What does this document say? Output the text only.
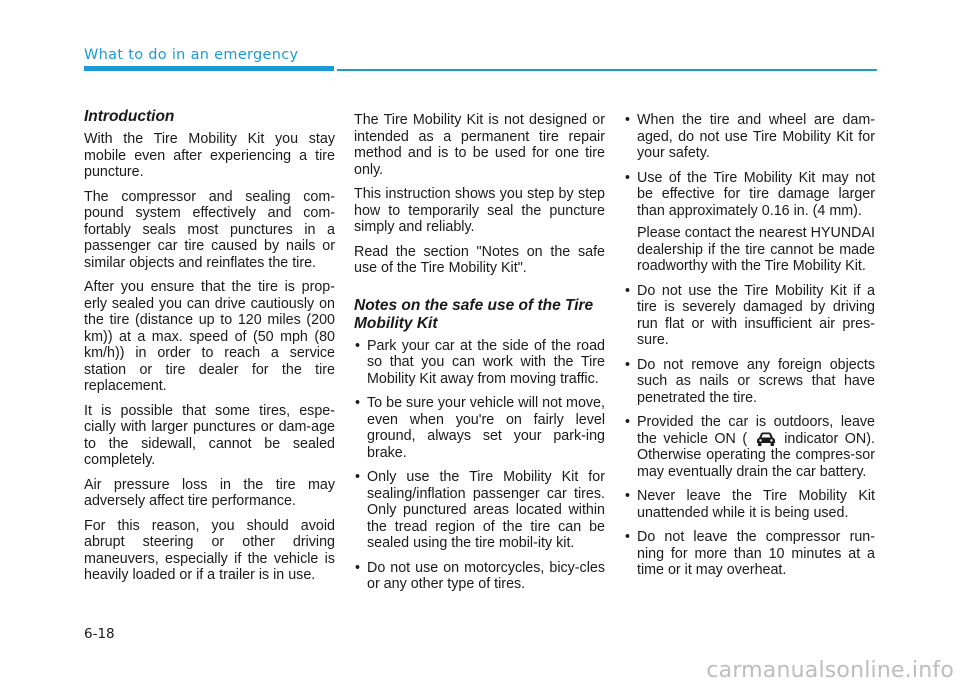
What to do in an emergency
Introduction

With the Tire Mobility Kit you stay mobile even after experiencing a tire puncture.

The compressor and sealing com-pound system effectively and com-fortably seals most punctures in a passenger car tire caused by nails or similar objects and reinflates the tire.

After you ensure that the tire is prop-erly sealed you can drive cautiously on the tire (distance up to 120 miles (200 km)) at a max. speed of (50 mph (80 km/h)) in order to reach a service station or tire dealer for the tire replacement.

It is possible that some tires, espe-cially with larger punctures or dam-age to the sidewall, cannot be sealed completely.

Air pressure loss in the tire may adversely affect tire performance.

For this reason, you should avoid abrupt steering or other driving maneuvers, especially if the vehicle is heavily loaded or if a trailer is in use.

The Tire Mobility Kit is not designed or intended as a permanent tire repair method and is to be used for one tire only.

This instruction shows you step by step how to temporarily seal the puncture simply and reliably.

Read the section "Notes on the safe use of the Tire Mobility Kit".

Notes on the safe use of the Tire Mobility Kit
• Park your car at the side of the road so that you can work with the Tire Mobility Kit away from moving traffic.
• To be sure your vehicle will not move, even when you're on fairly level ground, always set your park-ing brake.
• Only use the Tire Mobility Kit for sealing/inflation passenger car tires. Only punctured areas located within the tread region of the tire can be sealed using the tire mobil-ity kit.
• Do not use on motorcycles, bicy-cles or any other type of tires.
• When the tire and wheel are dam-aged, do not use Tire Mobility Kit for your safety.
• Use of the Tire Mobility Kit may not be effective for tire damage larger than approximately 0.16 in. (4 mm).

Please contact the nearest HYUNDAI dealership if the tire cannot be made roadworthy with the Tire Mobility Kit.

• Do not use the Tire Mobility Kit if a tire is severely damaged by driving run flat or with insufficient air pres-sure.
• Do not remove any foreign objects such as nails or screws that have penetrated the tire.
• Provided the car is outdoors, leave the vehicle ON (	indicator ON). Otherwise operating the compres-sor may eventually drain the car battery.
• Never leave the Tire Mobility Kit unattended while it is being used.
• Do not leave the compressor run-ning for more than 10 minutes at a time or it may overheat.
6-18
carmanualsonline.info
